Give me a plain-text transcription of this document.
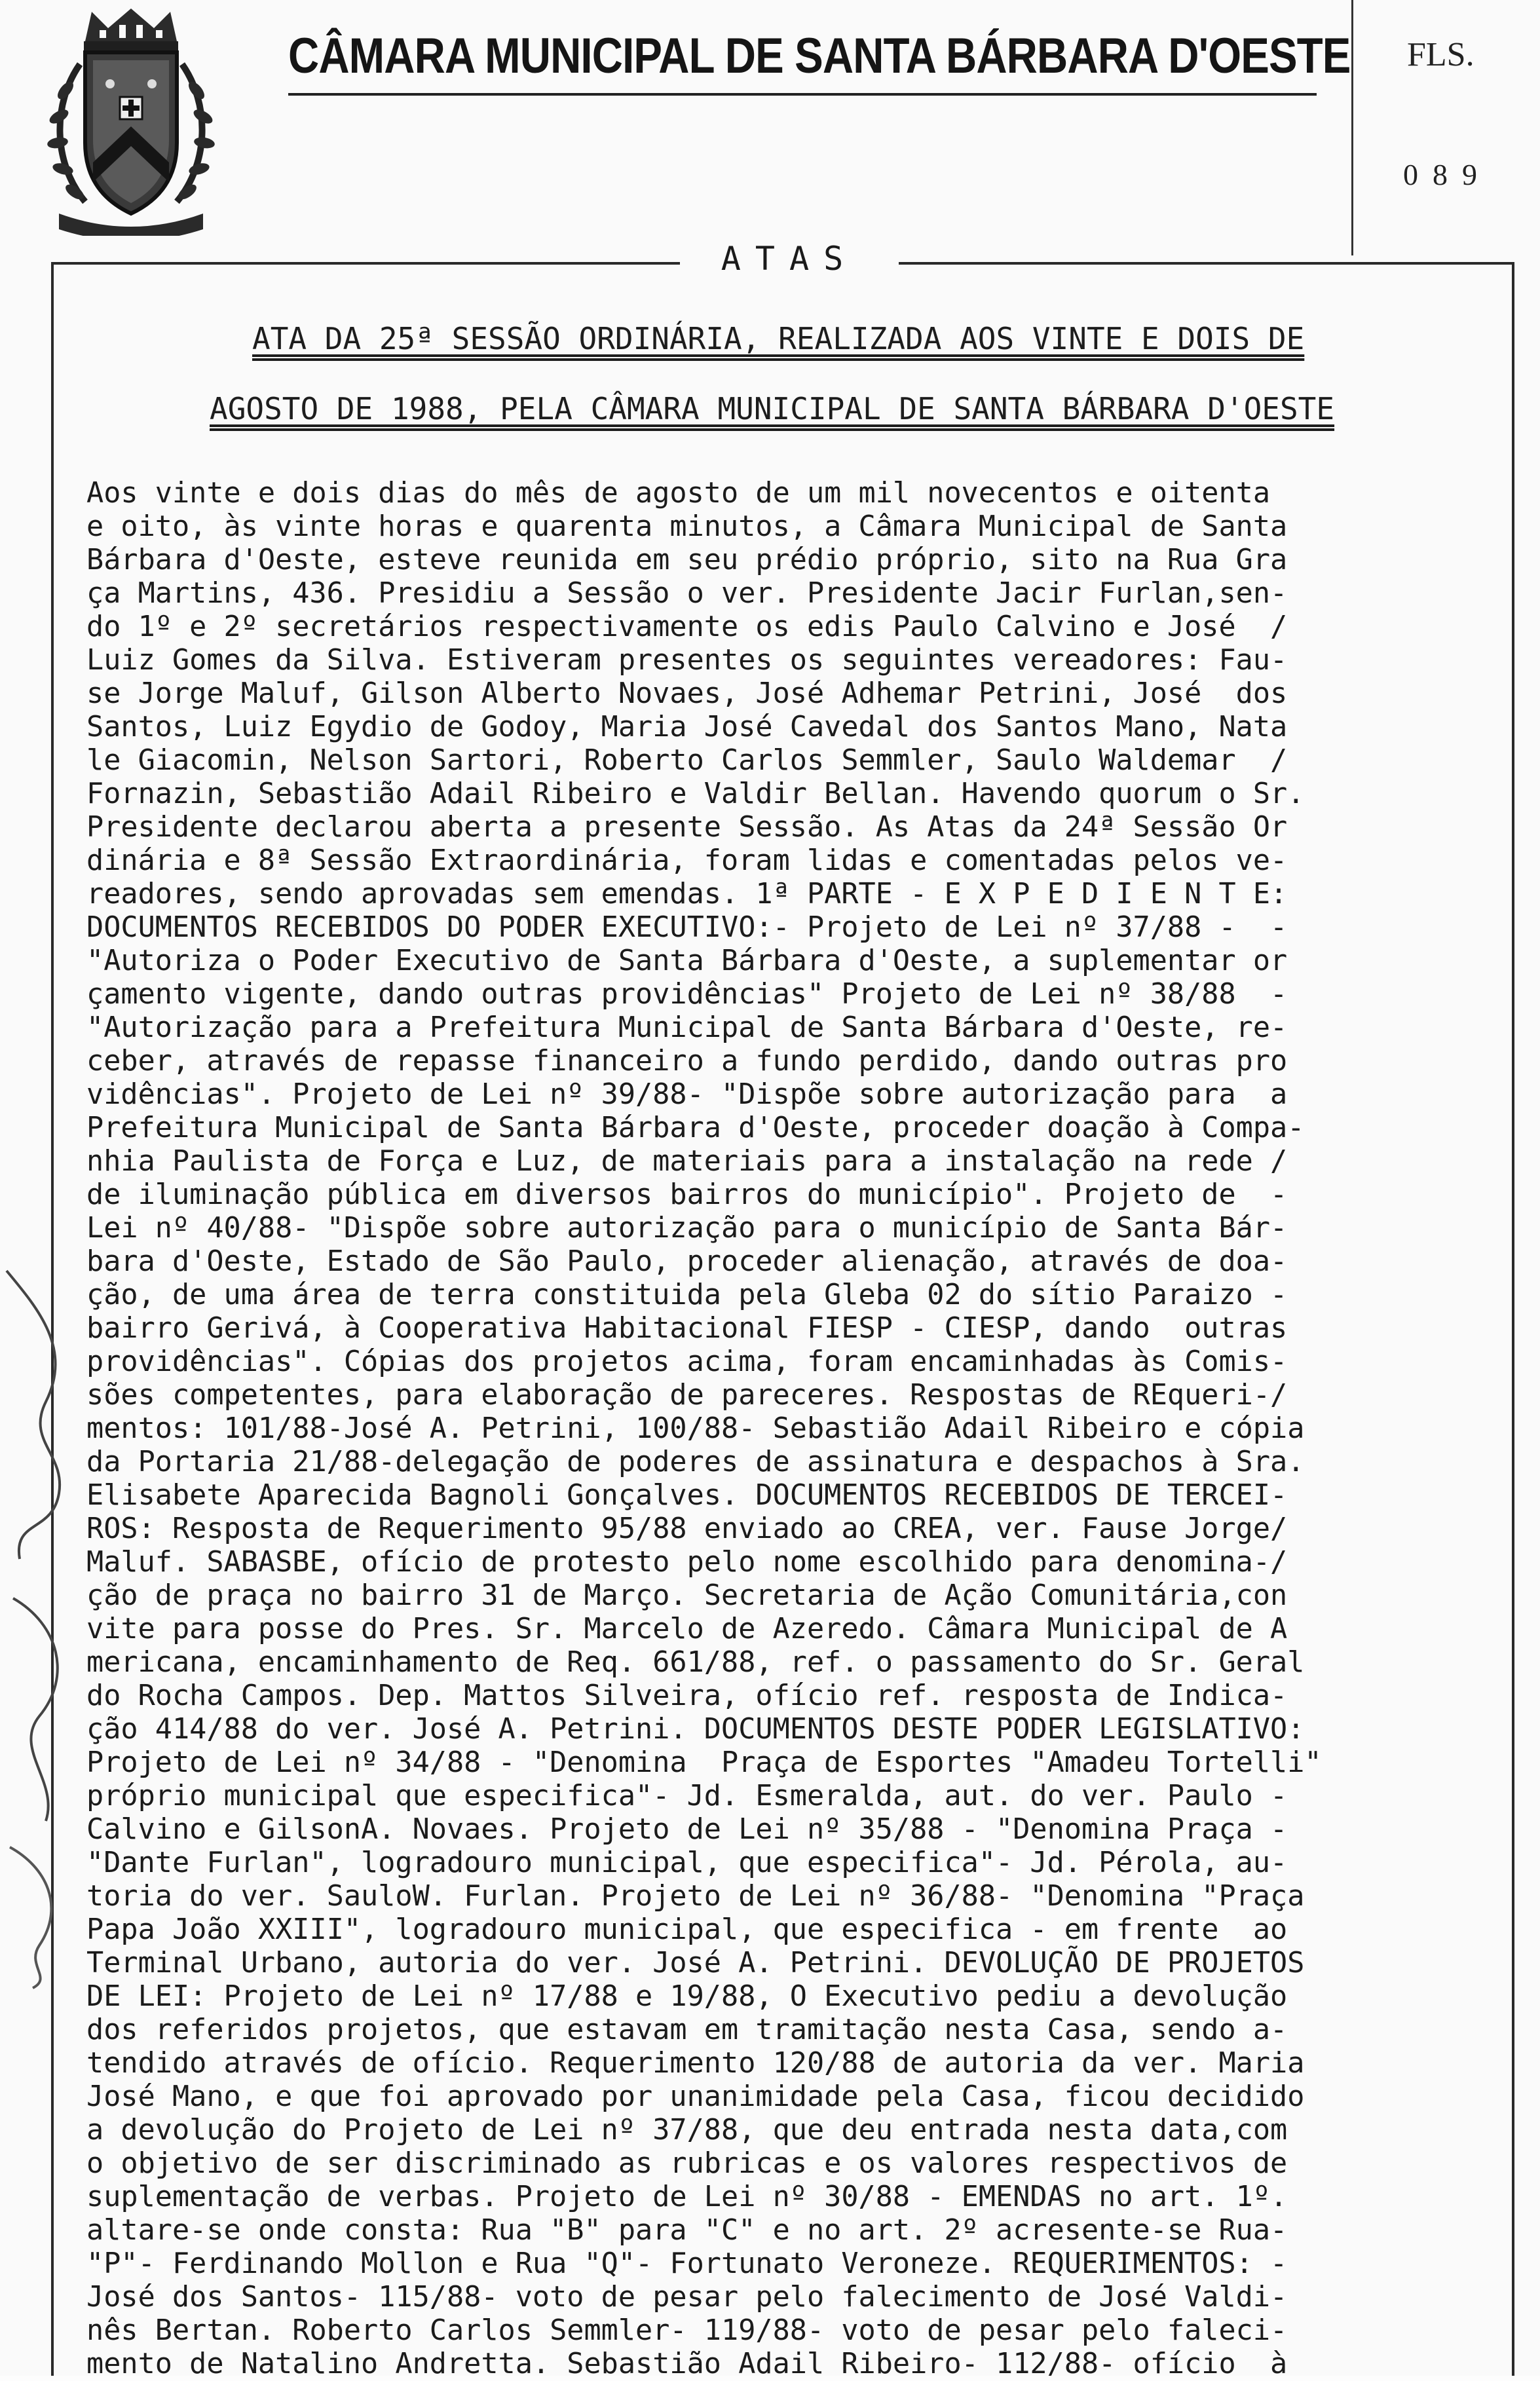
CÂMARA MUNICIPAL DE SANTA BÁRBARA D'OESTE FLS.
089
ATAS
ATA DA 25ª SESSÃO ORDINÁRIA, REALIZADA AOS VINTE E DOIS DE
AGOSTO DE 1988, PELA CÂMARA MUNICIPAL DE SANTA BÁRBARA D'OESTE
Aos vinte e dois dias do mês de agosto de um mil novecentos e oitenta
e oito, às vinte horas e quarenta minutos, a Câmara Municipal de Santa
Bárbara d'Oeste, esteve reunida em seu prédio próprio, sito na Rua Gra
ça Martins, 436. Presidiu a Sessão o ver. Presidente Jacir Furlan,sen-
do 1º e 2º secretários respectivamente os edis Paulo Calvino e José  /
Luiz Gomes da Silva. Estiveram presentes os seguintes vereadores: Fau-
se Jorge Maluf, Gilson Alberto Novaes, José Adhemar Petrini, José  dos
Santos, Luiz Egydio de Godoy, Maria José Cavedal dos Santos Mano, Nata
le Giacomin, Nelson Sartori, Roberto Carlos Semmler, Saulo Waldemar  /
Fornazin, Sebastião Adail Ribeiro e Valdir Bellan. Havendo quorum o Sr.
Presidente declarou aberta a presente Sessão. As Atas da 24ª Sessão Or
dinária e 8ª Sessão Extraordinária, foram lidas e comentadas pelos ve-
readores, sendo aprovadas sem emendas. 1ª PARTE - E X P E D I E N T E:
DOCUMENTOS RECEBIDOS DO PODER EXECUTIVO:- Projeto de Lei nº 37/88 -  -
"Autoriza o Poder Executivo de Santa Bárbara d'Oeste, a suplementar or
çamento vigente, dando outras providências" Projeto de Lei nº 38/88  -
"Autorização para a Prefeitura Municipal de Santa Bárbara d'Oeste, re-
ceber, através de repasse financeiro a fundo perdido, dando outras pro
vidências". Projeto de Lei nº 39/88- "Dispõe sobre autorização para  a
Prefeitura Municipal de Santa Bárbara d'Oeste, proceder doação à Compa-
nhia Paulista de Força e Luz, de materiais para a instalação na rede /
de iluminação pública em diversos bairros do município". Projeto de  -
Lei nº 40/88- "Dispõe sobre autorização para o município de Santa Bár-
bara d'Oeste, Estado de São Paulo, proceder alienação, através de doa-
ção, de uma área de terra constituida pela Gleba 02 do sítio Paraizo -
bairro Gerivá, à Cooperativa Habitacional FIESP - CIESP, dando  outras
providências". Cópias dos projetos acima, foram encaminhadas às Comis-
sões competentes, para elaboração de pareceres. Respostas de REqueri-/
mentos: 101/88-José A. Petrini, 100/88- Sebastião Adail Ribeiro e cópia
da Portaria 21/88-delegação de poderes de assinatura e despachos à Sra.
Elisabete Aparecida Bagnoli Gonçalves. DOCUMENTOS RECEBIDOS DE TERCEI-
ROS: Resposta de Requerimento 95/88 enviado ao CREA, ver. Fause Jorge/
Maluf. SABASBE, ofício de protesto pelo nome escolhido para denomina-/
ção de praça no bairro 31 de Março. Secretaria de Ação Comunitária,con
vite para posse do Pres. Sr. Marcelo de Azeredo. Câmara Municipal de A
mericana, encaminhamento de Req. 661/88, ref. o passamento do Sr. Geral
do Rocha Campos. Dep. Mattos Silveira, ofício ref. resposta de Indica-
ção 414/88 do ver. José A. Petrini. DOCUMENTOS DESTE PODER LEGISLATIVO:
Projeto de Lei nº 34/88 - "Denomina  Praça de Esportes "Amadeu Tortelli"
próprio municipal que especifica"- Jd. Esmeralda, aut. do ver. Paulo -
Calvino e GilsonA. Novaes. Projeto de Lei nº 35/88 - "Denomina Praça -
"Dante Furlan", logradouro municipal, que especifica"- Jd. Pérola, au-
toria do ver. SauloW. Furlan. Projeto de Lei nº 36/88- "Denomina "Praça
Papa João XXIII", logradouro municipal, que especifica - em frente  ao
Terminal Urbano, autoria do ver. José A. Petrini. DEVOLUÇÃO DE PROJETOS
DE LEI: Projeto de Lei nº 17/88 e 19/88, O Executivo pediu a devolução
dos referidos projetos, que estavam em tramitação nesta Casa, sendo a-
tendido através de ofício. Requerimento 120/88 de autoria da ver. Maria
José Mano, e que foi aprovado por unanimidade pela Casa, ficou decidido
a devolução do Projeto de Lei nº 37/88, que deu entrada nesta data,com
o objetivo de ser discriminado as rubricas e os valores respectivos de
suplementação de verbas. Projeto de Lei nº 30/88 - EMENDAS no art. 1º.
altare-se onde consta: Rua "B" para "C" e no art. 2º acresente-se Rua-
"P"- Ferdinando Mollon e Rua "Q"- Fortunato Veroneze. REQUERIMENTOS: -
José dos Santos- 115/88- voto de pesar pelo falecimento de José Valdi-
nês Bertan. Roberto Carlos Semmler- 119/88- voto de pesar pelo faleci-
mento de Natalino Andretta. Sebastião Adail Ribeiro- 112/88- ofício  à
